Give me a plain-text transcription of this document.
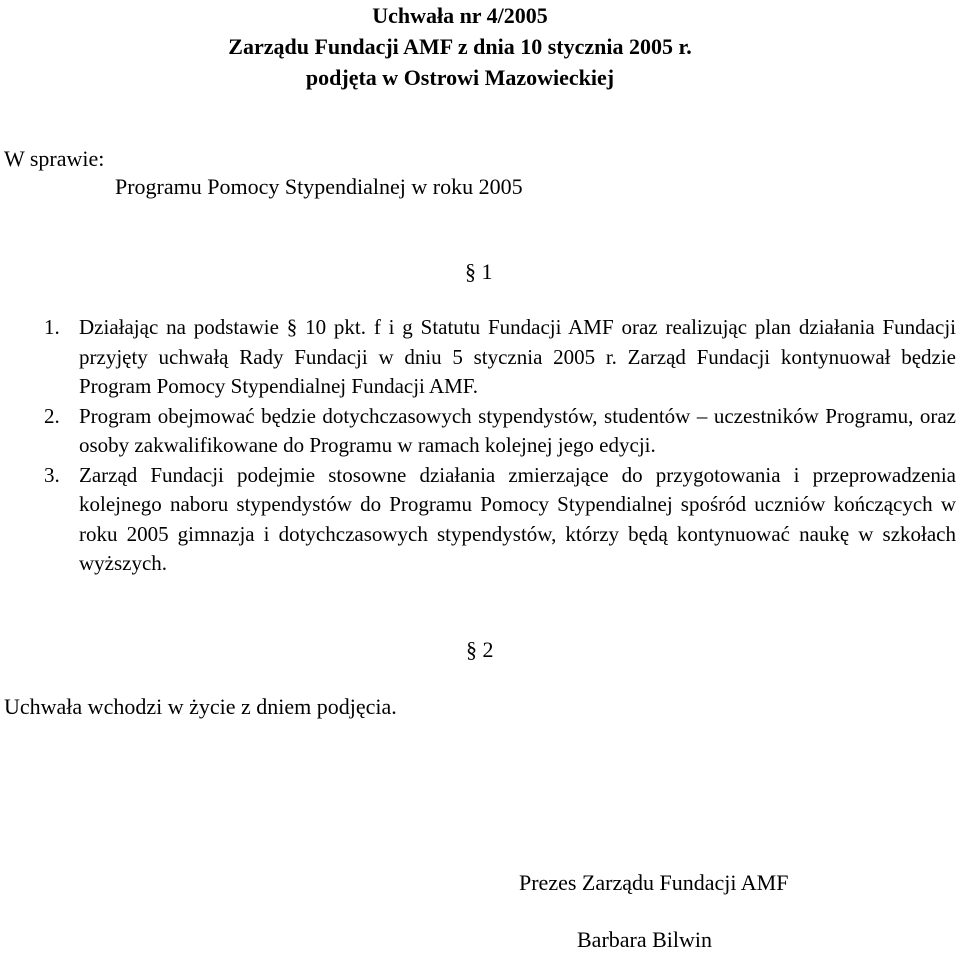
Uchwała nr 4/2005
Zarządu Fundacji AMF z dnia 10 stycznia 2005 r.
podjęta w Ostrowi Mazowieckiej
W sprawie:
Programu Pomocy Stypendialnej w roku 2005
§ 1
1. Działając na podstawie § 10 pkt. f i g Statutu Fundacji AMF oraz realizując plan działania Fundacji przyjęty uchwałą Rady Fundacji w dniu 5 stycznia 2005 r. Zarząd Fundacji kontynuował będzie Program Pomocy Stypendialnej Fundacji AMF.
2. Program obejmować będzie dotychczasowych stypendystów, studentów – uczestników Programu, oraz osoby zakwalifikowane do Programu w ramach kolejnej jego edycji.
3. Zarząd Fundacji podejmie stosowne działania zmierzające do przygotowania i przeprowadzenia kolejnego naboru stypendystów do Programu Pomocy Stypendialnej spośród uczniów kończących w roku 2005 gimnazja i dotychczasowych stypendystów, którzy będą kontynuować naukę w szkołach wyższych.
§ 2
Uchwała wchodzi w życie z dniem podjęcia.
Prezes Zarządu Fundacji AMF
Barbara Bilwin
